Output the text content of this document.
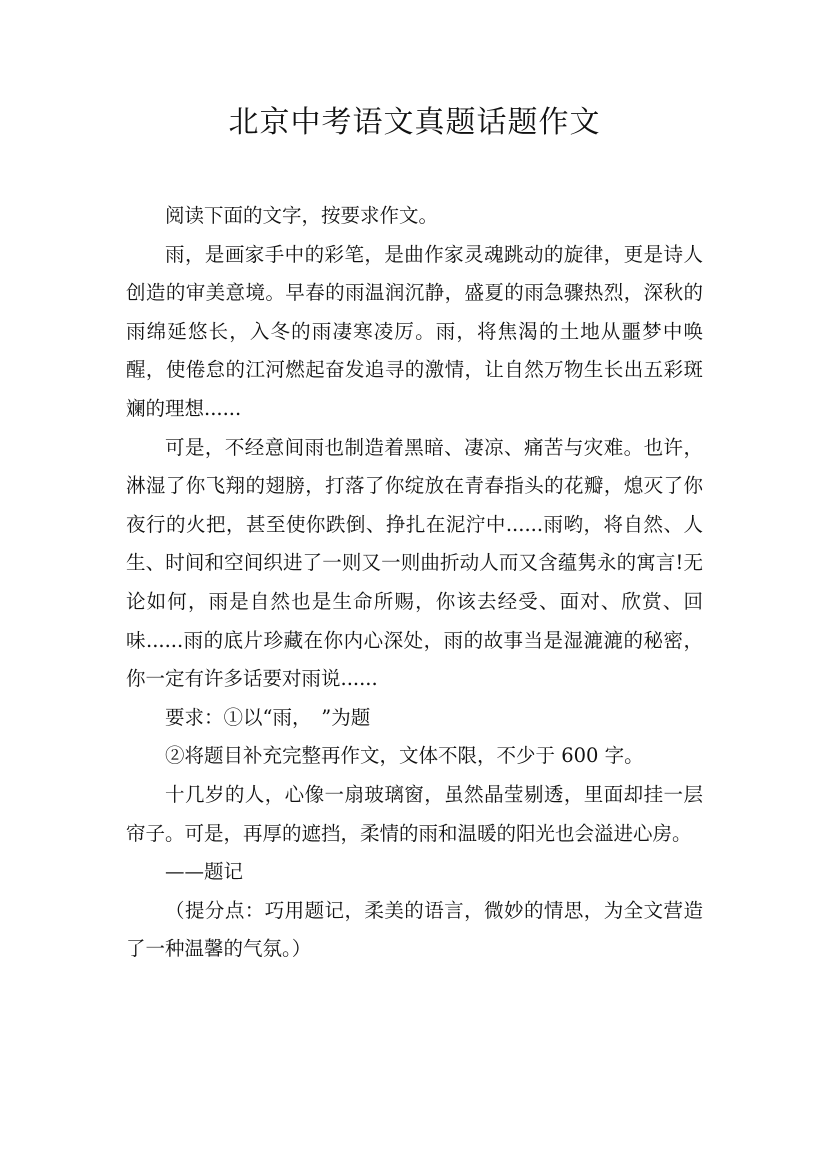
北京中考语文真题话题作文

阅读下面的文字，按要求作文。

雨，是画家手中的彩笔，是曲作家灵魂跳动的旋律，更是诗人创造的审美意境。早春的雨温润沉静，盛夏的雨急骤热烈，深秋的雨绵延悠长，入冬的雨凄寒凌厉。雨，将焦渴的土地从噩梦中唤醒，使倦怠的江河燃起奋发追寻的激情，让自然万物生长出五彩斑斓的理想......

可是，不经意间雨也制造着黑暗、凄凉、痛苦与灾难。也许，淋湿了你飞翔的翅膀，打落了你绽放在青春指头的花瓣，熄灭了你夜行的火把，甚至使你跌倒、挣扎在泥泞中......雨哟，将自然、人生、时间和空间织进了一则又一则曲折动人而又含蕴隽永的寓言!无论如何，雨是自然也是生命所赐，你该去经受、面对、欣赏、回味......雨的底片珍藏在你内心深处，雨的故事当是湿漉漉的秘密，你一定有许多话要对雨说......

要求：①以“雨，　”为题

②将题目补充完整再作文，文体不限，不少于 600 字。

十几岁的人，心像一扇玻璃窗，虽然晶莹剔透，里面却挂一层帘子。可是，再厚的遮挡，柔情的雨和温暖的阳光也会溢进心房。

——题记

（提分点：巧用题记，柔美的语言，微妙的情思，为全文营造了一种温馨的气氛。）
